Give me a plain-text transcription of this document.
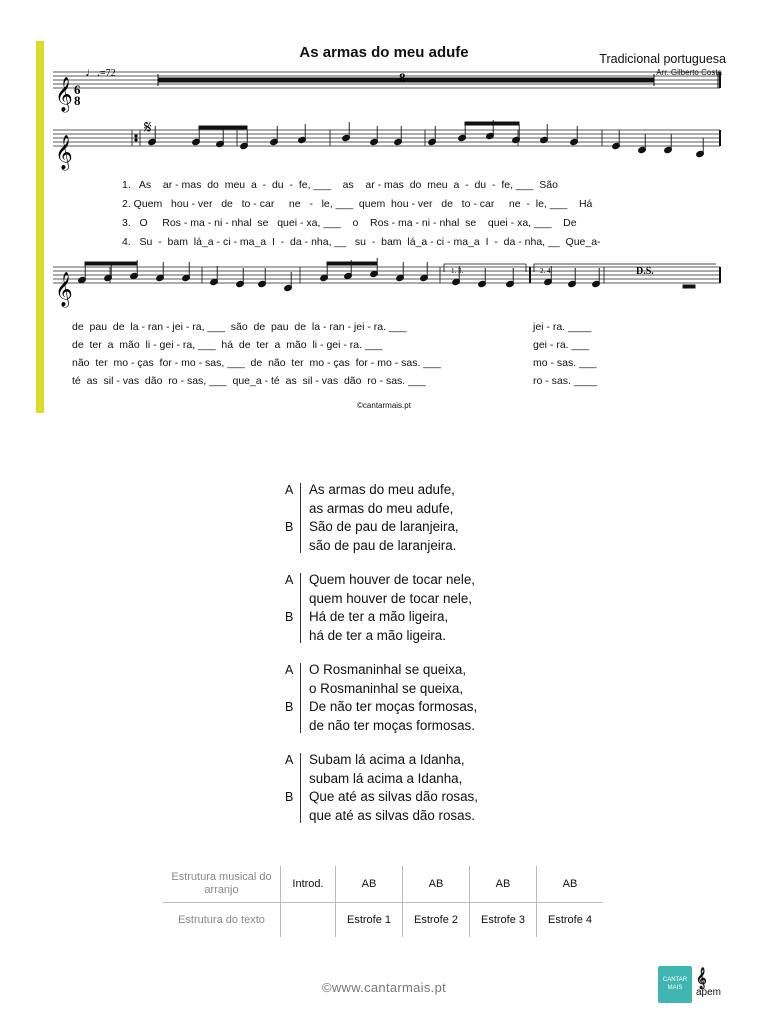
As armas do meu adufe	Tradicional portuguesa
Arr. Gilberto Costa
♩.=72
𝄞 6
8
8
𝄞
𝄋
𝄞
1. 3.	2. 4.	D.S.
1.   As    ar - mas  do  meu  a  -  du  -  fe, ___    as    ar - mas  do  meu  a  -  du  -  fe, ___  São
2. Quem   hou - ver   de   to - car     ne   -   le, ___  quem  hou - ver   de   to - car     ne  -  le, ___    Há
3.   O     Ros - ma - ni - nhal  se   quei - xa, ___    o    Ros - ma - ni - nhal  se    quei - xa, ___    De
4.   Su  -  bam  lá_a - ci - ma_a  I  -  da - nha, __   su  -  bam  lá_a - ci - ma_a  I  -  da - nha, __  Que_a-
de  pau  de  la - ran - jei - ra, ___  são  de  pau  de  la - ran - jei - ra. ___	jei - ra. ____
de  ter  a  mão  li - gei - ra, ___  há  de  ter  a  mão  li - gei - ra. ___	gei - ra. ___
não  ter  mo - ças  for - mo - sas, ___  de  não  ter  mo - ças  for - mo - sas. ___	mo - sas. ___
té  as  sil - vas  dão  ro - sas, ___  que_a - té  as  sil - vas  dão  ro - sas. ___	ro - sas. ____
©cantarmais.pt
A As armas do meu adufe,
as armas do meu adufe,
B São de pau de laranjeira,
são de pau de laranjeira.
A Quem houver de tocar nele,
quem houver de tocar nele,
B Há de ter a mão ligeira,
há de ter a mão ligeira.
A O Rosmaninhal se queixa,
o Rosmaninhal se queixa,
B De não ter moças formosas,
de não ter moças formosas.
A Subam lá acima a Idanha,
subam lá acima a Idanha,
B Que até as silvas dão rosas,
que até as silvas dão rosas.
Estrutura musical do arranjo	Introd.	AB	AB	AB	AB
Estrutura do texto		Estrofe 1	Estrofe 2	Estrofe 3	Estrofe 4
©www.cantarmais.pt	CANTAR MAIS 𝄞
apem
